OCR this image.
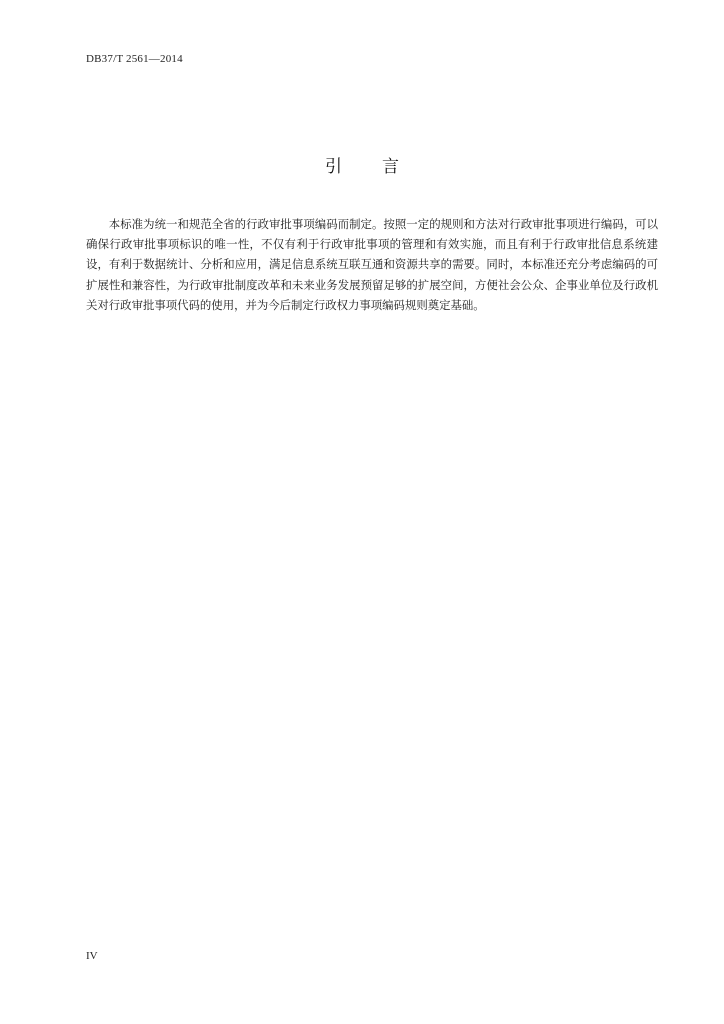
DB37/T 2561—2014
引言

本标准为统一和规范全省的行政审批事项编码而制定。按照一定的规则和方法对行政审批事项进行编码，可以确保行政审批事项标识的唯一性，不仅有利于行政审批事项的管理和有效实施，而且有利于行政审批信息系统建设，有利于数据统计、分析和应用，满足信息系统互联互通和资源共享的需要。同时，本标准还充分考虑编码的可扩展性和兼容性，为行政审批制度改革和未来业务发展预留足够的扩展空间，方便社会公众、企事业单位及行政机关对行政审批事项代码的使用，并为今后制定行政权力事项编码规则奠定基础。

IV
